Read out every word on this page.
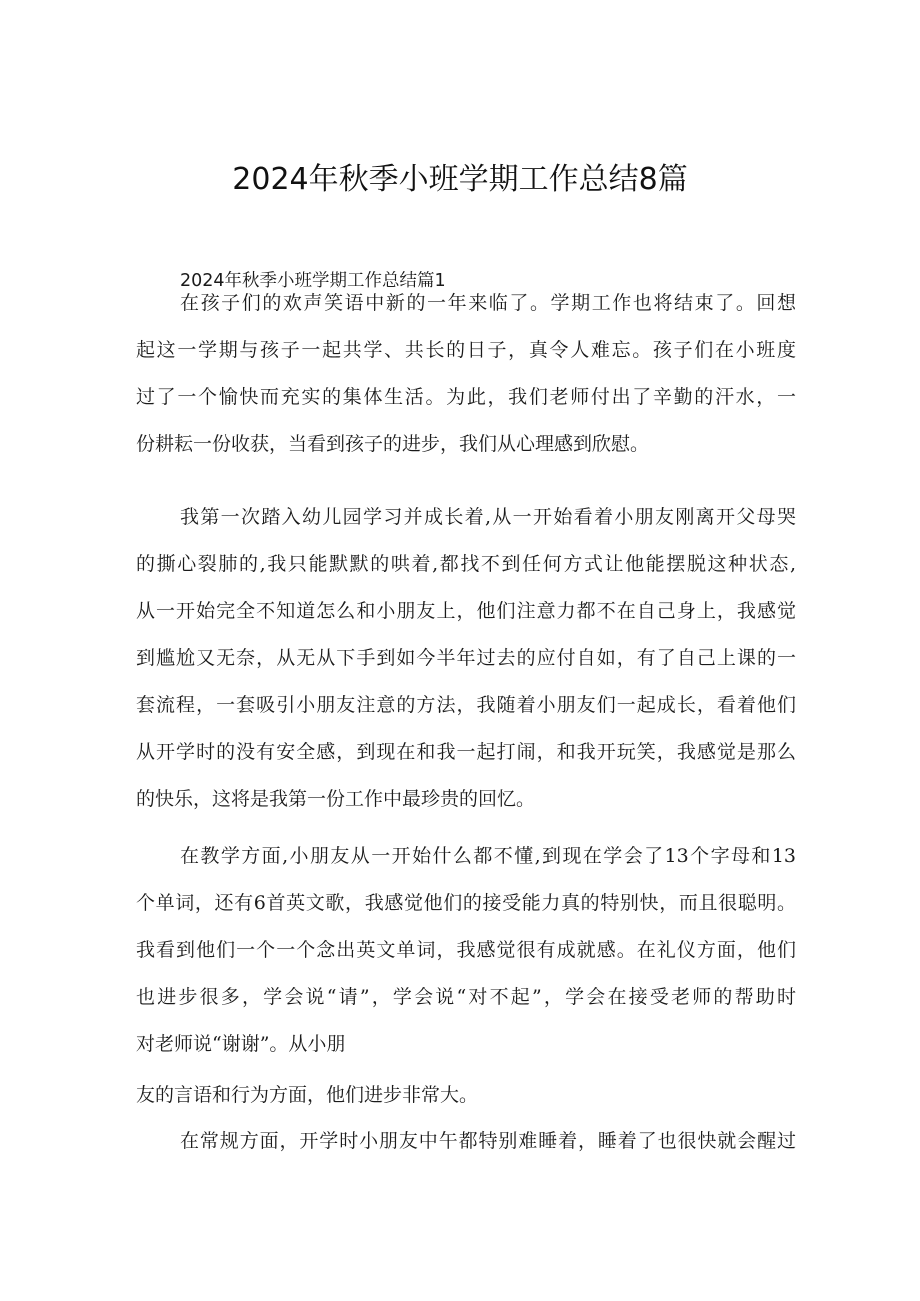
2024年秋季小班学期工作总结8篇
2024年秋季小班学期工作总结篇1
在孩子们的欢声笑语中新的一年来临了。学期工作也将结束了。回想
起这一学期与孩子一起共学、共长的日子，真令人难忘。孩子们在小班度
过了一个愉快而充实的集体生活。为此，我们老师付出了辛勤的汗水，一
份耕耘一份收获，当看到孩子的进步，我们从心理感到欣慰。
我第一次踏入幼儿园学习并成长着,从一开始看着小朋友刚离开父母哭
的撕心裂肺的,我只能默默的哄着,都找不到任何方式让他能摆脱这种状态,
从一开始完全不知道怎么和小朋友上，他们注意力都不在自己身上，我感觉
到尴尬又无奈，从无从下手到如今半年过去的应付自如，有了自己上课的一
套流程，一套吸引小朋友注意的方法，我随着小朋友们一起成长，看着他们
从开学时的没有安全感，到现在和我一起打闹，和我开玩笑，我感觉是那么
的快乐，这将是我第一份工作中最珍贵的回忆。
在教学方面,小朋友从一开始什么都不懂,到现在学会了13个字母和13
个单词，还有6首英文歌，我感觉他们的接受能力真的特别快，而且很聪明。
我看到他们一个一个念出英文单词，我感觉很有成就感。在礼仪方面，他们
也进步很多，学会说“请”，学会说“对不起”，学会在接受老师的帮助时
对老师说“谢谢”。从小朋
友的言语和行为方面，他们进步非常大。
在常规方面，开学时小朋友中午都特别难睡着，睡着了也很快就会醒过
